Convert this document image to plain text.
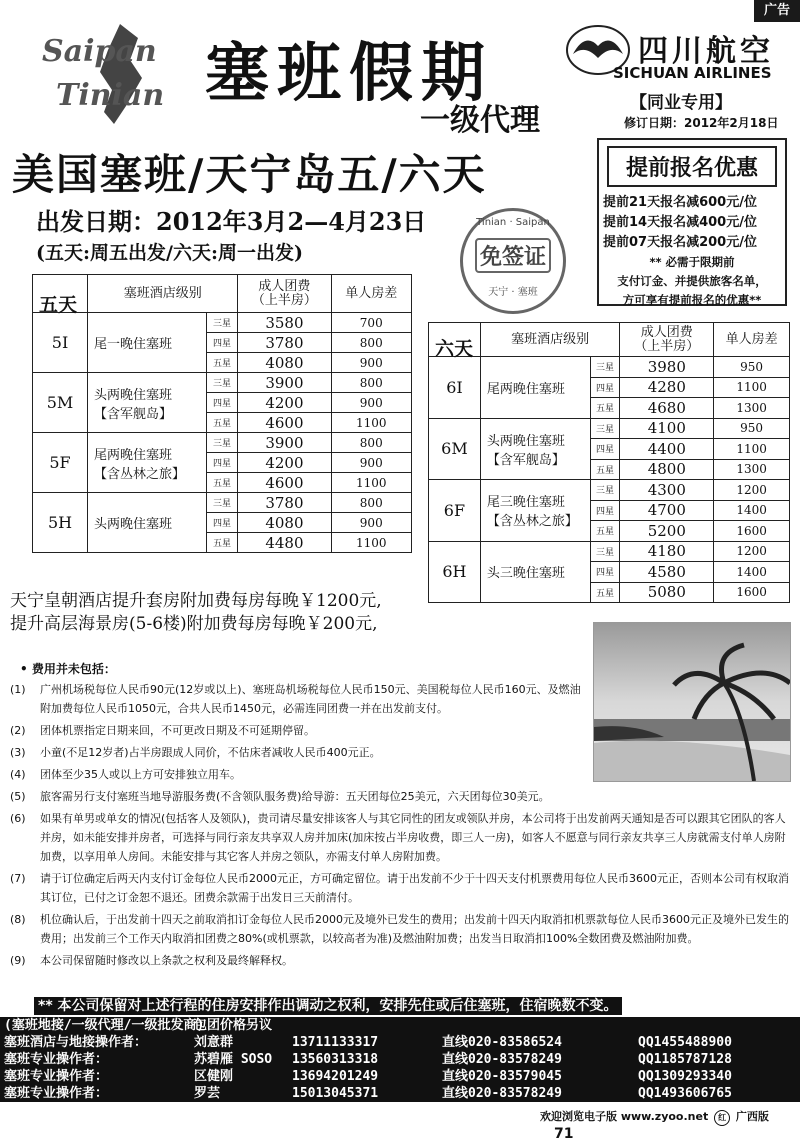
广告
Saipan
Tinian 塞班假期
一级代理
四川航空
SICHUAN AIRLINES
【同业专用】
修订日期：2012年2月18日
美国塞班/天宁岛五/六天
出发日期：2012年3月2—4月23日
(五天:周五出发/六天:周一出发)
Tinian · Saipan
免签证
天宁 · 塞班
提前报名优惠
提前21天报名减600元/位
提前14天报名减400元/位
提前07天报名减200元/位
** 必需于限期前
支付订金、并提供旅客名单，
方可享有提前报名的优惠**
五天	塞班酒店级别		成人团费
（上半房）	单人房差
5I	尾一晚住塞班	三星	3580	700
		四星	3780	800
		五星	4080	900
5M	头两晚住塞班
【含军舰岛】	三星	3900	800
		四星	4200	900
		五星	4600	1100
5F	尾两晚住塞班
【含丛林之旅】	三星	3900	800
		四星	4200	900
		五星	4600	1100
5H	头两晚住塞班	三星	3780	800
		四星	4080	900
		五星	4480	1100
六天	塞班酒店级别		成人团费
（上半房）	单人房差
6I	尾两晚住塞班	三星	3980	950
		四星	4280	1100
		五星	4680	1300
6M	头两晚住塞班
【含军舰岛】	三星	4100	950
		四星	4400	1100
		五星	4800	1300
6F	尾三晚住塞班
【含丛林之旅】	三星	4300	1200
		四星	4700	1400
		五星	5200	1600
6H	头三晚住塞班	三星	4180	1200
		四星	4580	1400
		五星	5080	1600
天宁皇朝酒店提升套房附加费每房每晚￥1200元,
提升高层海景房(5-6楼)附加费每房每晚￥200元,
• 费用并未包括：
(1)	广州机场税每位人民币90元(12岁或以上)、塞班岛机场税每位人民币150元、美国税每位人民币160元、及燃油附加费每位人民币1050元，合共人民币1450元，必需连同团费一并在出发前支付。
(2)	团体机票指定日期来回，不可更改日期及不可延期停留。
(3)	小童(不足12岁者)占半房跟成人同价，不估床者减收人民币400元正。
(4)	团体至少35人或以上方可安排独立用车。
(5)	旅客需另行支付塞班当地导游服务费(不含领队服务费)给导游：五天团每位25美元，六天团每位30美元。
(6)	如果有单男或单女的情况(包括客人及领队)，贵司请尽量安排该客人与其它同性的团友或领队并房，本公司将于出发前两天通知是否可以跟其它团队的客人并房，如未能安排并房者，可选择与同行亲友共享双人房并加床(加床按占半房收费，即三人一房)，如客人不愿意与同行亲友共享三人房就需支付单人房附加费，以享用单人房间。未能安排与其它客人并房之领队，亦需支付单人房附加费。
(7)	请于订位确定后两天内支付订金每位人民币2000元正，方可确定留位。请于出发前不少于十四天支付机票费用每位人民币3600元正，否则本公司有权取消其订位，已付之订金恕不退还。团费余款需于出发日三天前清付。
(8)	机位确认后，于出发前十四天之前取消扣订金每位人民币2000元及境外已发生的费用；出发前十四天内取消扣机票款每位人民币3600元正及境外已发生的费用；出发前三个工作天内取消扣团费之80%(或机票款，以较高者为准)及燃油附加费；出发当日取消扣100%全数团费及燃油附加费。
(9)	本公司保留随时修改以上条款之权利及最终解释权。
** 本公司保留对上述行程的住房安排作出调动之权利，安排先住或后住塞班，住宿晚数不变。
(塞班地接/一级代理/一级批发商)
包团价格另议
塞班酒店与地接操作者：	刘意群	13711133317	直线020-83586524	QQ1455488900
塞班专业操作者：	苏碧雁 SOSO	13560313318	直线020-83578249	QQ1185787128
塞班专业操作者：	区健刚	13694201249	直线020-83579045	QQ1309293340
塞班专业操作者：	罗芸	15013045371	直线020-83578249	QQ1493606765
欢迎浏览电子版 www.zyoo.net 红 广西版 71
